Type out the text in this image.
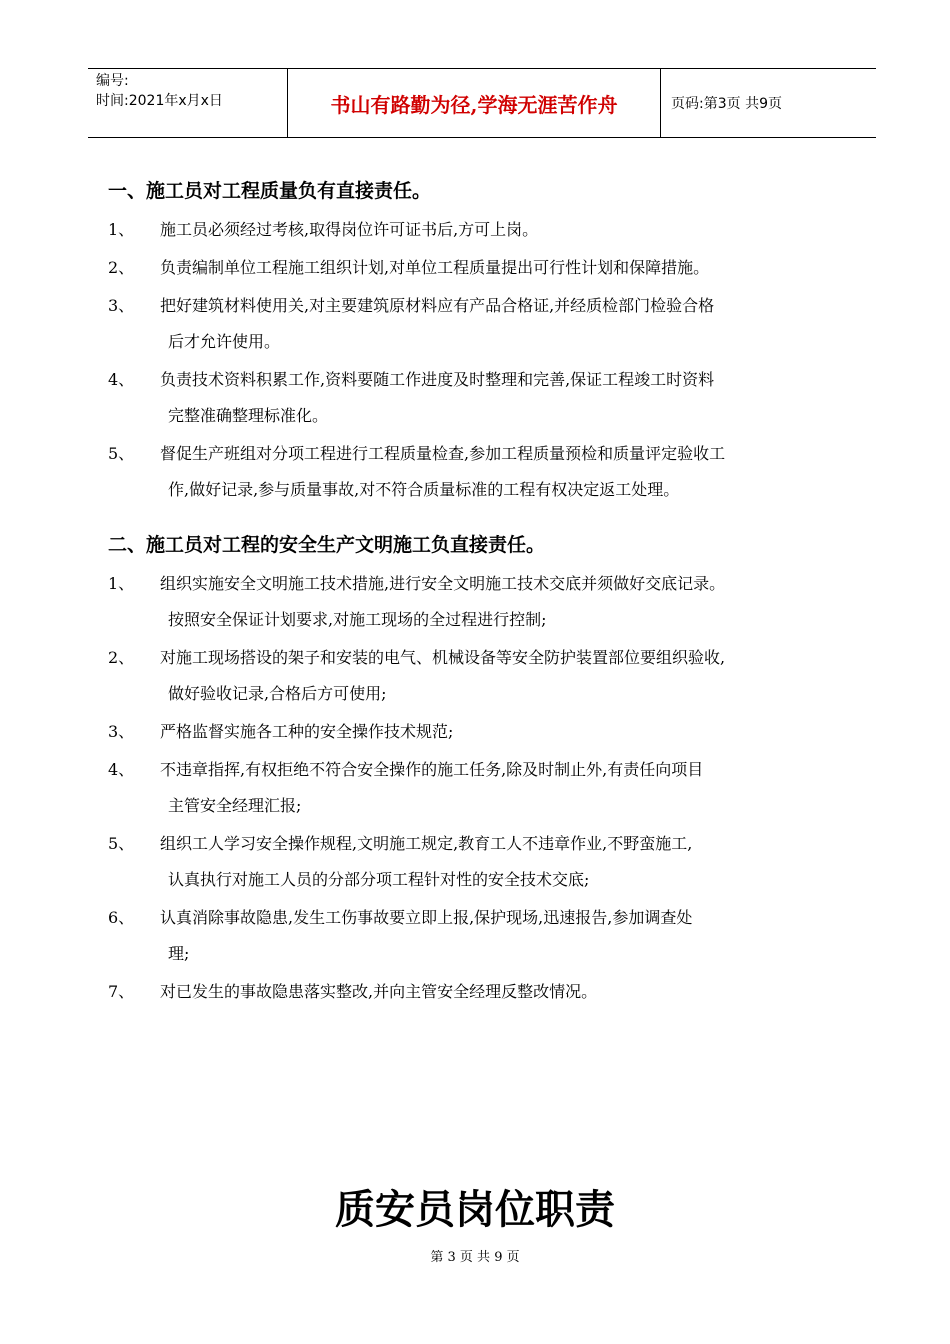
编号:
时间:2021年x月x日	书山有路勤为径,学海无涯苦作舟	页码:第3页 共9页
一、施工员对工程质量负有直接责任。
1、	施工员必须经过考核,取得岗位许可证书后,方可上岗。
2、	负责编制单位工程施工组织计划,对单位工程质量提出可行性计划和保障措施。
3、	把好建筑材料使用关,对主要建筑原材料应有产品合格证,并经质检部门检验合格
后才允许使用。
4、	负责技术资料积累工作,资料要随工作进度及时整理和完善,保证工程竣工时资料
完整准确整理标准化。
5、	督促生产班组对分项工程进行工程质量检查,参加工程质量预检和质量评定验收工
作,做好记录,参与质量事故,对不符合质量标准的工程有权决定返工处理。
二、施工员对工程的安全生产文明施工负直接责任。
1、	组织实施安全文明施工技术措施,进行安全文明施工技术交底并须做好交底记录。
按照安全保证计划要求,对施工现场的全过程进行控制;
2、	对施工现场搭设的架子和安装的电气、机械设备等安全防护装置部位要组织验收,
做好验收记录,合格后方可使用;
3、	严格监督实施各工种的安全操作技术规范;
4、	不违章指挥,有权拒绝不符合安全操作的施工任务,除及时制止外,有责任向项目
主管安全经理汇报;
5、	组织工人学习安全操作规程,文明施工规定,教育工人不违章作业,不野蛮施工,
认真执行对施工人员的分部分项工程针对性的安全技术交底;
6、	认真消除事故隐患,发生工伤事故要立即上报,保护现场,迅速报告,参加调查处
理;
7、	对已发生的事故隐患落实整改,并向主管安全经理反整改情况。
质安员岗位职责
第 3 页 共 9 页
